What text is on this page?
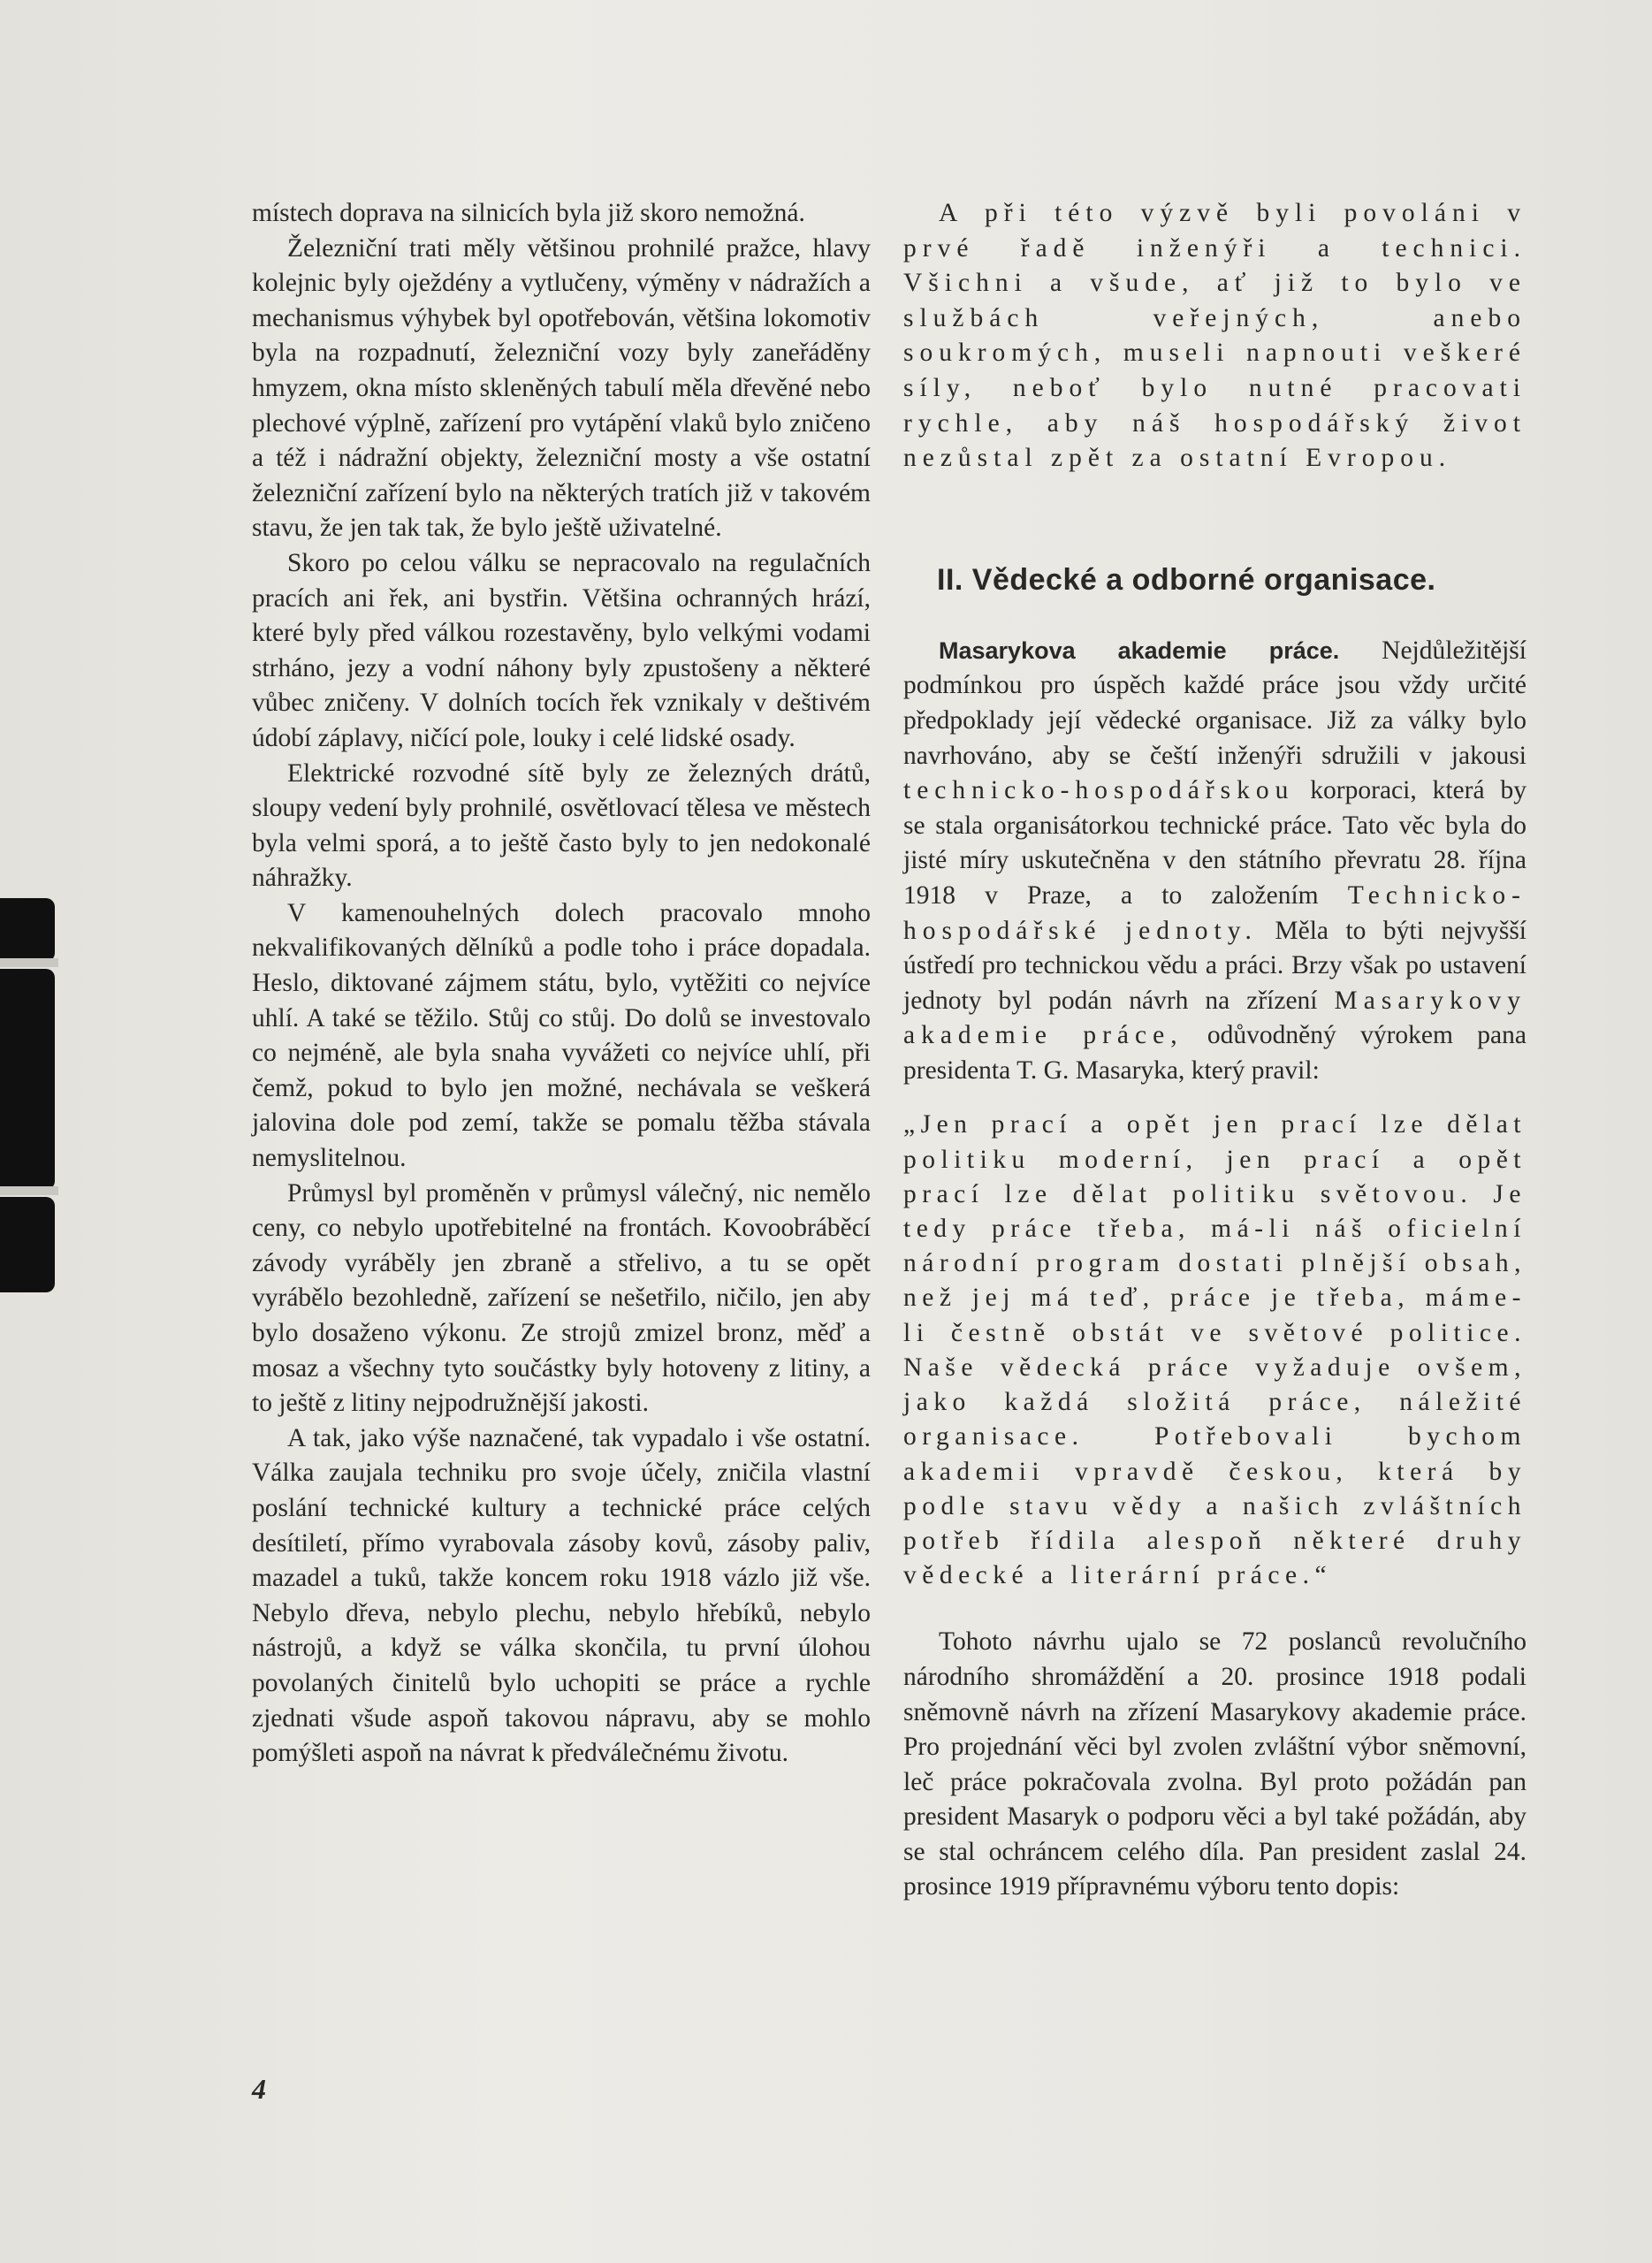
místech doprava na silnicích byla již skoro nemožná.

Železniční trati měly většinou prohnilé pražce, hlavy kolejnic byly oježdény a vytlučeny, výměny v nádražích a mechanismus výhybek byl opotřebován, většina lokomotiv byla na rozpadnutí, železniční vozy byly zaneřáděny hmyzem, okna místo skleněných tabulí měla dřevěné nebo plechové výplně, zařízení pro vytápění vlaků bylo zničeno a též i nádražní objekty, železniční mosty a vše ostatní železniční zařízení bylo na některých tratích již v takovém stavu, že jen tak tak, že bylo ještě uživatelné.

Skoro po celou válku se nepracovalo na regulačních pracích ani řek, ani bystřin. Většina ochranných hrází, které byly před válkou rozestavěny, bylo velkými vodami strháno, jezy a vodní náhony byly zpustošeny a některé vůbec zničeny. V dolních tocích řek vznikaly v deštivém údobí záplavy, ničící pole, louky i celé lidské osady.

Elektrické rozvodné sítě byly ze železných drátů, sloupy vedení byly prohnilé, osvětlovací tělesa ve městech byla velmi sporá, a to ještě často byly to jen nedokonalé náhražky.

V kamenouhelných dolech pracovalo mnoho nekvalifikovaných dělníků a podle toho i práce dopadala. Heslo, diktované zájmem státu, bylo, vytěžiti co nejvíce uhlí. A také se těžilo. Stůj co stůj. Do dolů se investovalo co nejméně, ale byla snaha vyvážeti co nejvíce uhlí, při čemž, pokud to bylo jen možné, nechávala se veškerá jalovina dole pod zemí, takže se pomalu těžba stávala nemyslitelnou.

Průmysl byl proměněn v průmysl válečný, nic nemělo ceny, co nebylo upotřebitelné na frontách. Kovoobráběcí závody vyráběly jen zbraně a střelivo, a tu se opět vyrábělo bezohledně, zařízení se nešetřilo, ničilo, jen aby bylo dosaženo výkonu. Ze strojů zmizel bronz, měď a mosaz a všechny tyto součástky byly hotoveny z litiny, a to ještě z litiny nejpodružnější jakosti.

A tak, jako výše naznačené, tak vypadalo i vše ostatní. Válka zaujala techniku pro svoje účely, zničila vlastní poslání technické kultury a technické práce celých desítiletí, přímo vyrabovala zásoby kovů, zásoby paliv, mazadel a tuků, takže koncem roku 1918 vázlo již vše. Nebylo dřeva, nebylo plechu, nebylo hřebíků, nebylo nástrojů, a když se válka skončila, tu první úlohou povolaných činitelů bylo uchopiti se práce a rychle zjednati všude aspoň takovou nápravu, aby se mohlo pomýšleti aspoň na návrat k předválečnému životu.

A při této výzvě byli povoláni v prvé řadě inženýři a technici. Všichni a všude, ať již to bylo ve službách veřejných, anebo soukromých, museli napnouti veškeré síly, neboť bylo nutné pracovati rychle, aby náš hospodářský život nezůstal zpět za ostatní Evropou.

II. Vědecké a odborné organisace.

Masarykova akademie práce. Nejdůležitější podmínkou pro úspěch každé práce jsou vždy určité předpoklady její vědecké organisace. Již za války bylo navrhováno, aby se čeští inženýři sdružili v jakousi technicko-hospodářskou korporaci, která by se stala organisátorkou technické práce. Tato věc byla do jisté míry uskutečněna v den státního převratu 28. října 1918 v Praze, a to založením Technicko-hospodářské jednoty. Měla to býti nejvyšší ústředí pro technickou vědu a práci. Brzy však po ustavení jednoty byl podán návrh na zřízení Masarykovy akademie práce, odůvodněný výrokem pana presidenta T. G. Masaryka, který pravil:

„Jen prací a opět jen prací lze dělat politiku moderní, jen prací a opět prací lze dělat politiku světovou. Je tedy práce třeba, má-li náš oficielní národní program dostati plnější obsah, než jej má teď, práce je třeba, máme-li čestně obstát ve světové politice. Naše vědecká práce vyžaduje ovšem, jako každá složitá práce, náležité organisace. Potřebovali bychom akademii vpravdě českou, která by podle stavu vědy a našich zvláštních potřeb řídila alespoň některé druhy vědecké a literární práce.“

Tohoto návrhu ujalo se 72 poslanců revolučního národního shromáždění a 20. prosince 1918 podali sněmovně návrh na zřízení Masarykovy akademie práce. Pro projednání věci byl zvolen zvláštní výbor sněmovní, leč práce pokračovala zvolna. Byl proto požádán pan president Masaryk o podporu věci a byl také požádán, aby se stal ochráncem celého díla. Pan president zaslal 24. prosince 1919 přípravnému výboru tento dopis:

4
